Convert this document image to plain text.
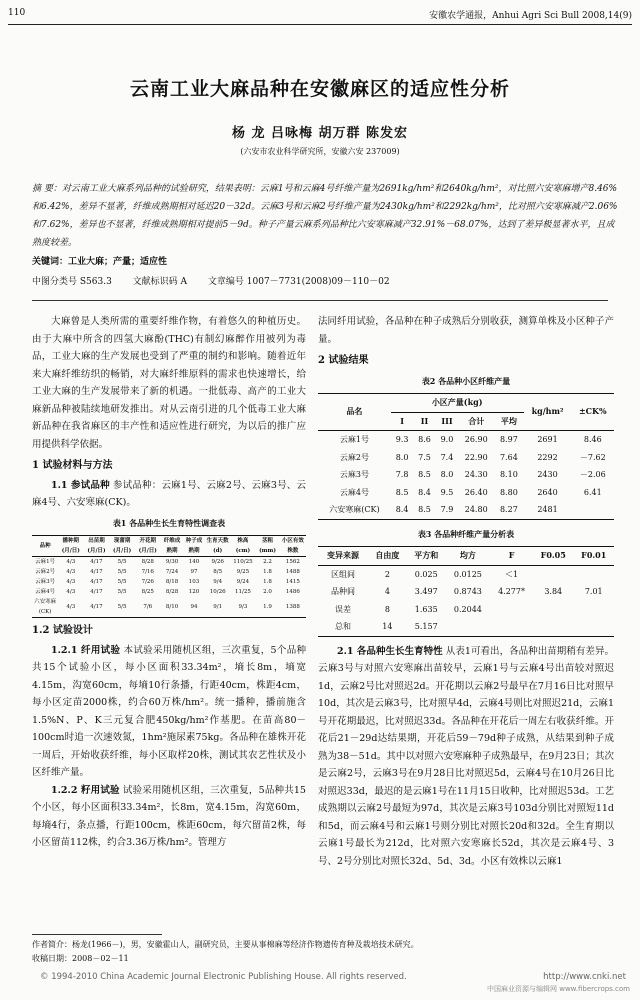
110	安徽农学通报，Anhui Agri Sci Bull 2008,14(9)
云南工业大麻品种在安徽麻区的适应性分析
杨 龙 吕咏梅 胡万群 陈发宏
(六安市农业科学研究所，安徽六安 237009)
摘 要：对云南工业大麻系列品种的试验研究，结果表明：云麻1号和云麻4号纤维产量为2691kg/hm²和2640kg/hm²，对比照六安寒麻增产8.46%和6.42%，差异不显著，纤维成熟期相对延迟20－32d。云麻3号和云麻2号纤维产量为2430kg/hm²和2292kg/hm²，比对照六安寒麻减产2.06%和7.62%，差异也不显著，纤维成熟期相对提前5－9d。种子产量云麻系列品种比六安寒麻减产32.91%－68.07%，达到了差异极显著水平，且成熟度较差。
关键词：工业大麻；产量；适应性
中图分类号 S563.3 文献标识码 A 文章编号 1007－7731(2008)09－110－02

大麻曾是人类所需的重要纤维作物，有着悠久的种植历史。由于大麻中所含的四氢大麻酚(THC)有制幻麻醉作用被列为毒品，工业大麻的生产发展也受到了严重的制约和影响。随着近年来大麻纤维纺织的畅销，对大麻纤维原料的需求也快速增长，给工业大麻的生产发展带来了新的机遇。一批低毒、高产的工业大麻新品种被陆续地研发推出。对从云南引进的几个低毒工业大麻新品种在我省麻区的丰产性和适应性进行研究，为以后的推广应用提供科学依据。

1 试验材料与方法

1.1 参试品种 参试品种：云麻1号、云麻2号、云麻3号、云麻4号、六安寒麻(CK)。

表1 各品种生长生育特性调查表
品种	播种期(月/日)	出苗期(月/日)	现蕾期(月/日)	开花期(月/日)	纤维成熟期	种子成熟期	生育天数(d)	株高(cm)	茎粗(mm)	小区有效株数
云麻1号	4/3	4/17	5/5	8/28	9/30	140	9/26	110/25	2.2	1562
云麻2号	4/3	4/17	5/5	7/16	7/24	97	8/5	9/25	1.8	1488
云麻3号	4/3	4/17	5/5	7/26	8/18	103	9/4	9/24	1.8	1415
云麻4号	4/3	4/17	5/5	8/25	8/28	120	10/26	11/25	2.0	1486
六安寒麻(CK)	4/3	4/17	5/5	7/6	8/10	94	9/1	9/3	1.9	1388
1.2 试验设计

1.2.1 纤用试验 本试验采用随机区组，三次重复，5个品种共15个试验小区，每小区面积33.34m²，墒长8m，墒宽4.15m，沟宽60cm，每墒10行条播，行距40cm，株距4cm，每小区定苗2000株，约合60万株/hm²。统一播种，播前施含1.5%N、P、K三元复合肥450kg/hm²作基肥。在苗高80－100cm时追一次速效氮，1hm²施尿素75kg。各品种在雄株开花一周后，开始收获纤维，每小区取样20株，测试其农艺性状及小区纤维产量。

1.2.2 籽用试验 试验采用随机区组，三次重复，5品种共15个小区，每小区面积33.34m²，长8m，宽4.15m，沟宽60m，每墒4行，条点播，行距100cm，株距60cm，每穴留苗2株，每小区留苗112株，约合3.36万株/hm²。管理方

法同纤用试验，各品种在种子成熟后分别收获，测算单株及小区种子产量。

2 试验结果
表2 各品种小区纤维产量
品名	小区产量(kg)					kg/hm²	±CK%
	I	II	III	合计	平均		
云麻1号	9.3	8.6	9.0	26.90	8.97	2691	8.46
云麻2号	8.0	7.5	7.4	22.90	7.64	2292	－7.62
云麻3号	7.8	8.5	8.0	24.30	8.10	2430	－2.06
云麻4号	8.5	8.4	9.5	26.40	8.80	2640	6.41
六安寒麻(CK)	8.4	8.5	7.9	24.80	8.27	2481	
表3 各品种纤维产量分析表
变异来源	自由度	平方和	均方	F	F0.05	F0.01
区组间	2	0.025	0.0125	＜1		
品种间	4	3.497	0.8743	4.277*	3.84	7.01
误差	8	1.635	0.2044			
总和	14	5.157				

2.1 各品种生长生育特性 从表1可看出，各品种出苗期稍有差异。云麻3号与对照六安寒麻出苗较早，云麻1号与云麻4号出苗较对照迟1d，云麻2号比对照迟2d。开花期以云麻2号最早在7月16日比对照早10d，其次是云麻3号，比对照早4d，云麻4号则比对照迟21d，云麻1号开花期最迟，比对照迟33d。各品种在开花后一周左右收获纤维。开花后21－29d达结果期，开花后59－79d种子成熟，从结果到种子成熟为38－51d。其中以对照六安寒麻种子成熟最早，在9月23日；其次是云麻2号，云麻3号在9月28日比对照迟5d，云麻4号在10月26日比对照迟33d，最迟的是云麻1号在11月15日收种，比对照迟53d。工艺成熟期以云麻2号最短为97d，其次是云麻3号103d分别比对照短11d和5d，而云麻4号和云麻1号则分别比对照长20d和32d。全生育期以云麻1号最长为212d，比对照六安寒麻长52d，其次是云麻4号、3号、2号分别比对照长32d、5d、3d。小区有效株以云麻1

作者简介：杨龙(1966－)，男，安徽霍山人，副研究员，主要从事棉麻等经济作物遗传育种及栽培技术研究。
收稿日期：2008－02－11
© 1994-2010 China Academic Journal Electronic Publishing House. All rights reserved.	http://www.cnki.net
中国麻业资源与编辑网 www.fibercrops.com
